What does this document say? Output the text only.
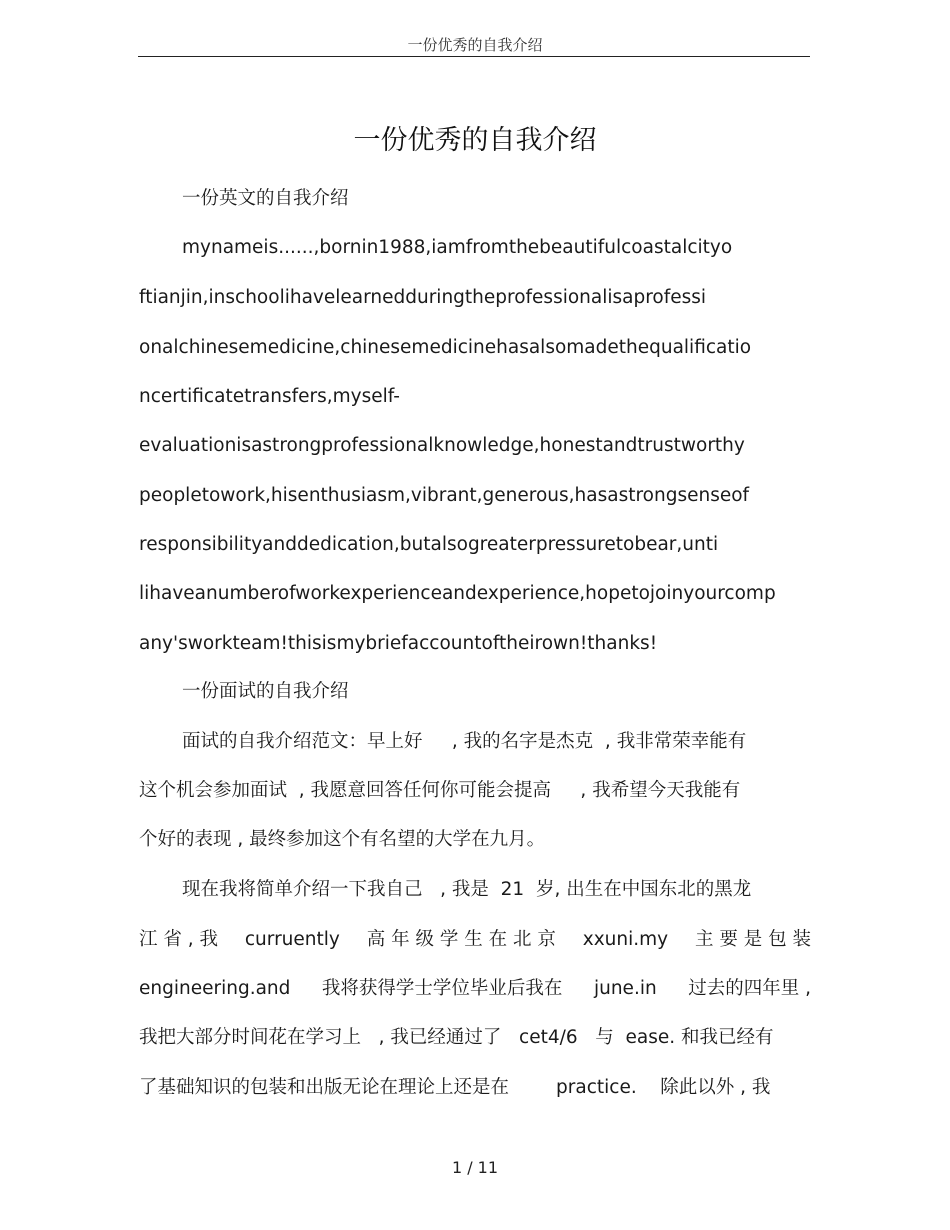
一份优秀的自我介绍
一份优秀的自我介绍
一份英文的自我介绍
mynameis......,bornin1988,iamfromthebeautifulcoastalcityo
ftianjin,inschoolihavelearnedduringtheprofessionalisaprofessi
onalchinesemedicine,chinesemedicinehasalsomadethequalificatio
ncertificatetransfers,myself-
evaluationisastrongprofessionalknowledge,honestandtrustworthy
peopletowork,hisenthusiasm,vibrant,generous,hasastrongsenseof
responsibilityanddedication,butalsogreaterpressuretobear,unti
lihaveanumberofworkexperienceandexperience,hopetojoinyourcomp
any'sworkteam!thisismybriefaccountoftheirown!thanks!
一份面试的自我介绍
面试的自我介绍范文：早上好     , 我的名字是杰克  , 我非常荣幸能有
这个机会参加面试  , 我愿意回答任何你可能会提高     , 我希望今天我能有
个好的表现 , 最终参加这个有名望的大学在九月。
现在我将简单介绍一下我自己   , 我是  21  岁, 出生在中国东北的黑龙
江 省 , 我 curruently 高 年 级 学 生 在 北 京 xxuni.my 主 要 是 包 装
engineering.and 我将获得学士学位毕业后我在 june.in 过去的四年里 ,
我把大部分时间花在学习上   , 我已经通过了   cet4/6   与  ease. 和我已经有
了基础知识的包装和出版无论在理论上还是在        practice.    除此以外 , 我
1 / 11
